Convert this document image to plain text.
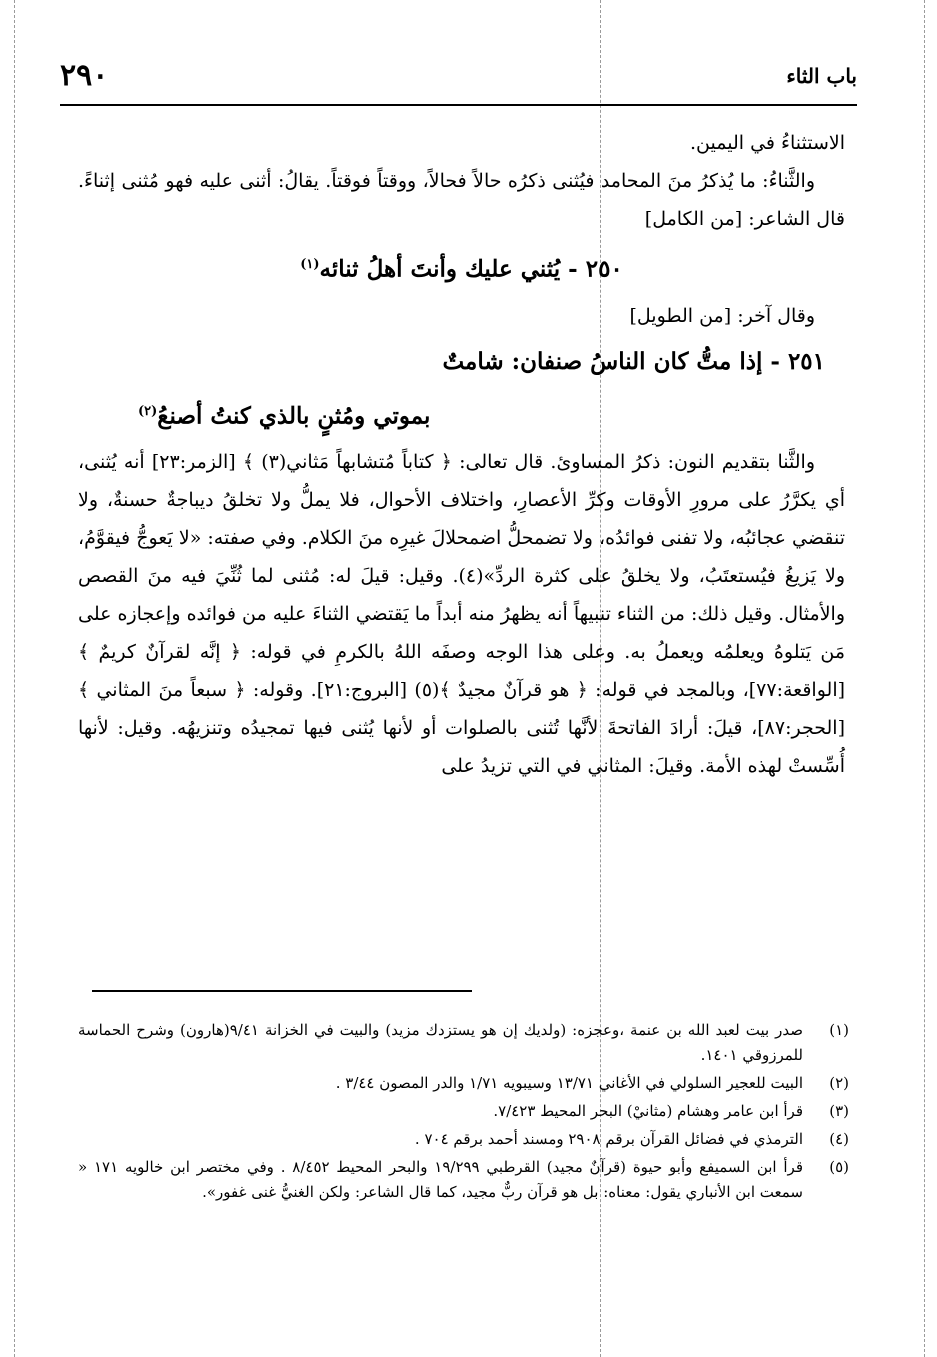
٢٩٠	باب الثاء

الاستثناءُ في اليمين.

والثَّناءُ: ما يُذكرُ منَ المحامد فيُثنى ذكرُه حالاً فحالاً، ووقتاً فوقتاً. يقالُ: أثنى عليه فهو مُثنى إثناءً. قال الشاعر: [من الكامل]

٢٥٠ - يُثني عليك وأنتَ أهلُ ثنائه$^{(١)}$

وقال آخر: [من الطويل]

٢٥١ - إذا متُّ كان الناسُ صنفان: شامتٌ

بموتي ومُثنٍ بالذي كنتُ أصنعُ$^{(٢)}$

والثَّنا بتقديم النون: ذكرُ المساوئ. قال تعالى: ﴿ كتاباً مُتشابهاً مَثاني(٣) ﴾ [الزمر:٢٣] أنه يُثنى، أي يكرَّرُ على مرورِ الأوقات وكرِّ الأعصارِ، واختلاف الأحوال، فلا يملُّ ولا تخلقُ ديباجةٌ حسنةٌ، ولا تنقضي عجائبُه، ولا تفنى فوائدُه، ولا تضمحلُّ اضمحلالَ غيرِه منَ الكلام. وفي صفته: «لا يَعوجُّ فيقوَّمُ، ولا يَزيغُ فيُستعتَبُ، ولا يخلقُ على كثرة الردِّ»(٤). وقيل: قيلَ له: مُثنى لما ثُنِّيَ فيه منَ القصص والأمثال. وقيل ذلك: من الثناء تنبيهاً أنه يظهرُ منه أبداً ما يَقتضي الثناءَ عليه من فوائده وإعجازه على مَن يَتلوهُ ويعلمُه ويعملُ به. وعلى هذا الوجه وصفَه اللهُ بالكرمِ في قوله: ﴿ إنَّه لقرآنٌ كريمٌ ﴾ [الواقعة:٧٧]، وبالمجد في قوله: ﴿ هو قرآنٌ مجيدٌ ﴾(٥) [البروج:٢١]. وقوله: ﴿ سبعاً منَ المثاني ﴾ [الحجر:٨٧]، قيلَ: أرادَ الفاتحةَ لأنَّها تُثنى بالصلوات أو لأنها يُثنى فيها تمجيدُه وتنزيهُه. وقيل: لأنها أُسِّستْ لهذه الأمة. وقيلَ: المثاني في التي تزيدُ على

(١)
صدر بيت لعبد الله بن عنمة ،وعجزه: (ولديك إن هو يستزدك مزيد) والبيت في الخزانة ٩/٤١(هارون) وشرح الحماسة للمرزوقي ١٤٠١.
(٢)
البيت للعجير السلولي في الأغاني ١٣/٧١ وسيبويه ١/٧١ والدر المصون ٣/٤٤ .
(٣)
قرأ ابن عامر وهشام (مثانيْ) البحر المحيط ٧/٤٢٣.
(٤)
الترمذي في فضائل القرآن برقم ٢٩٠٨ ومسند أحمد برقم ٧٠٤ .
(٥)
قرأ ابن السميفع وأبو حيوة (قرآنٌ مجيد) القرطبي ١٩/٢٩٩ والبحر المحيط ٨/٤٥٢ . وفي مختصر ابن خالويه ١٧١ « سمعت ابن الأنباري يقول: معناه: بل هو قرآن ربٌّ مجيد، كما قال الشاعر: ولكن الغنيُّ غنى غفور».
